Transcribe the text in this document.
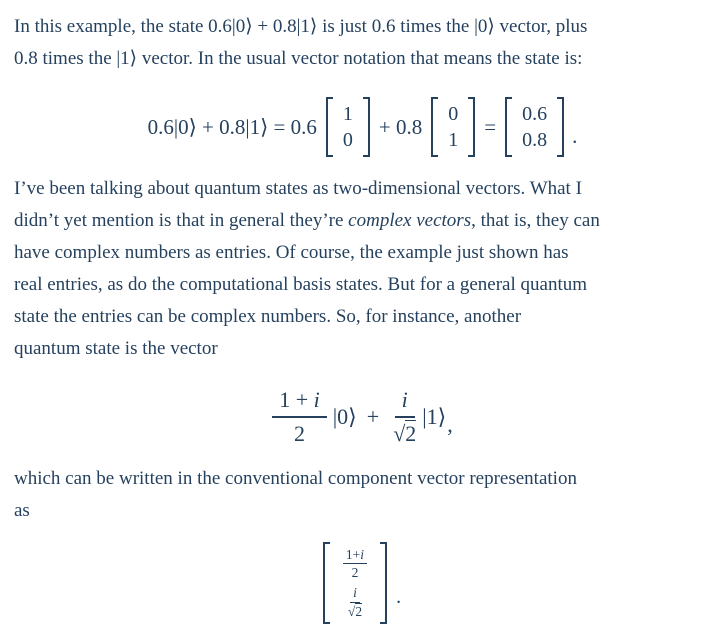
In this example, the state 0.6|0⟩ + 0.8|1⟩ is just 0.6 times the |0⟩ vector, plus
0.8 times the |1⟩ vector. In the usual vector notation that means the state is:

0.6|0⟩ + 0.8|1⟩ = 0.6
1
0
+ 0.8
0
1
=
0.6
0.8 .

I’ve been talking about quantum states as two-dimensional vectors. What I
didn’t yet mention is that in general they’re complex vectors, that is, they can
have complex numbers as entries. Of course, the example just shown has
real entries, as do the computational basis states. But for a general quantum
state the entries can be complex numbers. So, for instance, another
quantum state is the vector

$\frac{1 + i}{2}$ |0⟩ + $\frac{i}{√2}$ |1⟩ ,

which can be written in the conventional component vector representation
as

$\frac{1+i}{2}$
$\frac{i}{√2}$ .
